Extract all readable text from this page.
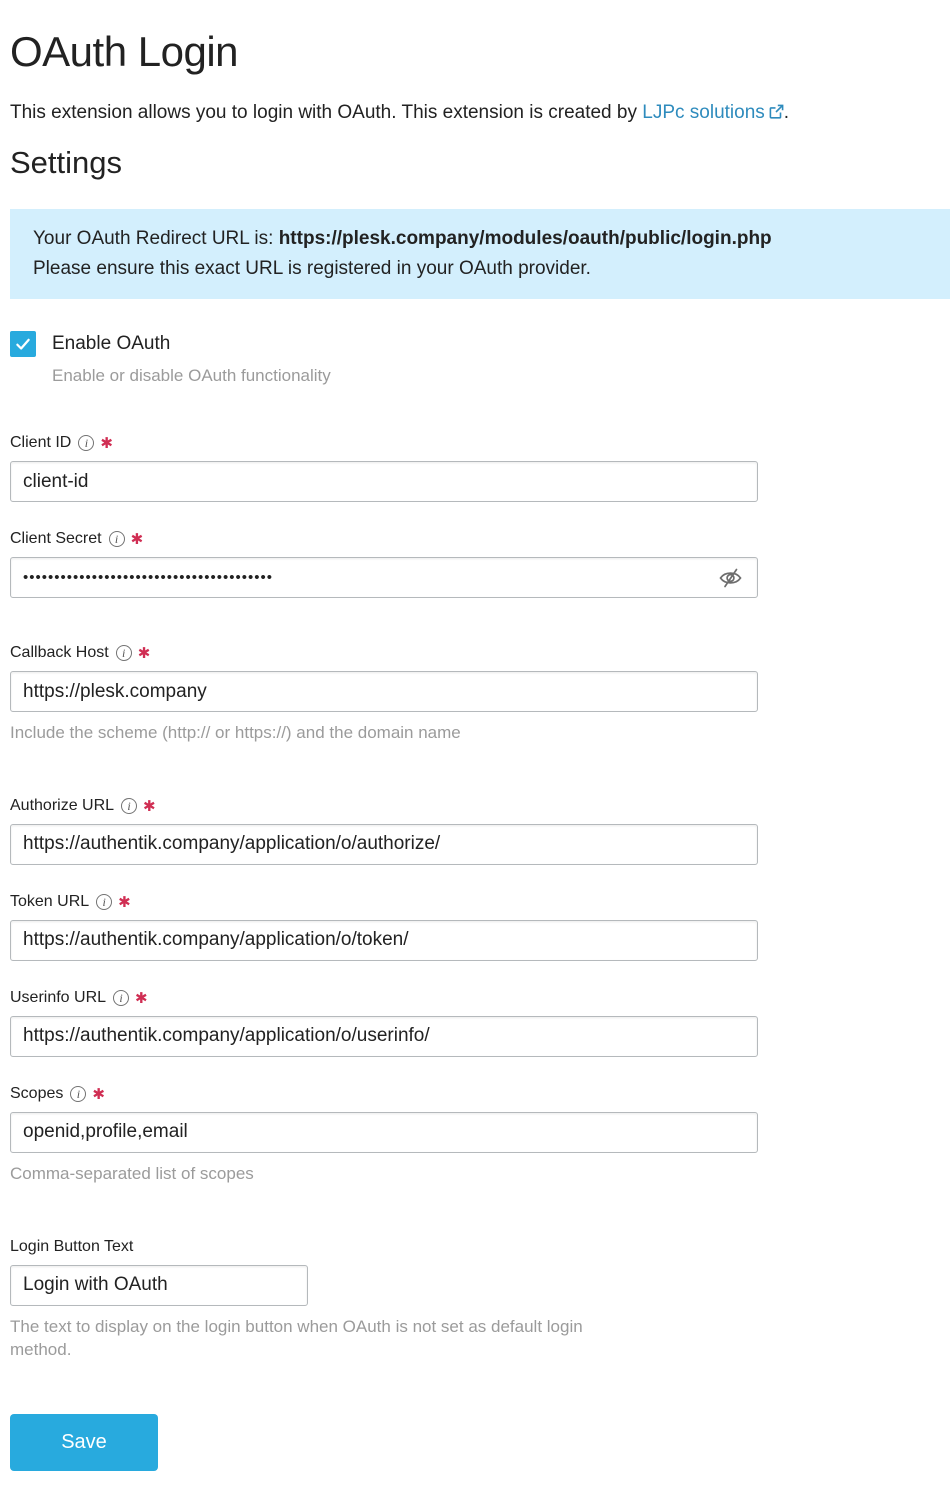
OAuth Login

This extension allows you to login with OAuth. This extension is created by LJPc solutions .

Settings
Your OAuth Redirect URL is: https://plesk.company/modules/oauth/public/login.php
Please ensure this exact URL is registered in your OAuth provider.
Enable OAuth
Enable or disable OAuth functionality
Client ID	i ✱
client-id
Client Secret	i ✱
••••••••••••••••••••••••••••••••••••••••
Callback Host	i ✱
https://plesk.company
Include the scheme (http:// or https://) and the domain name
Authorize URL	i ✱
https://authentik.company/application/o/authorize/
Token URL	i ✱
https://authentik.company/application/o/token/
Userinfo URL	i ✱
https://authentik.company/application/o/userinfo/
Scopes	i ✱
openid,profile,email
Comma-separated list of scopes
Login Button Text
Login with OAuth
The text to display on the login button when OAuth is not set as default login method.
Save
